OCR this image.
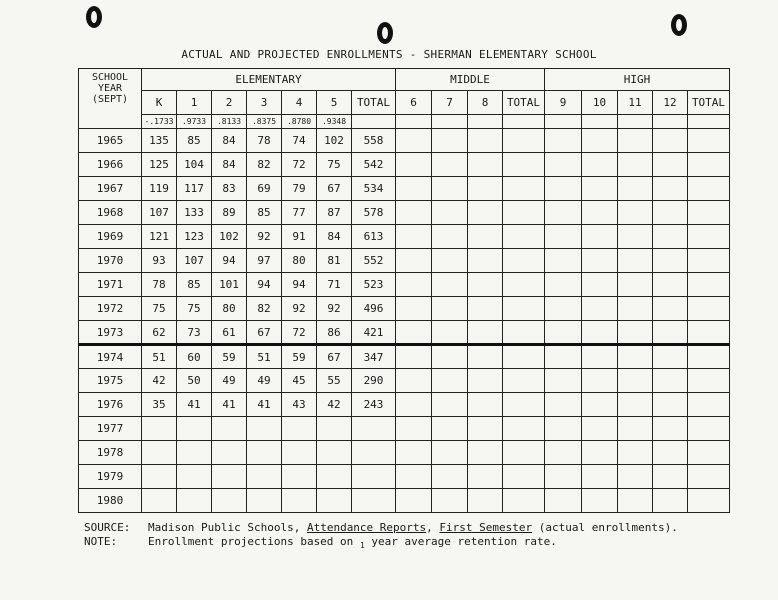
ACTUAL AND PROJECTED ENROLLMENTS - SHERMAN ELEMENTARY SCHOOL
SCHOOL
YEAR
(SEPT)	ELEMENTARY							MIDDLE				HIGH				
	K	1	2	3	4	5	TOTAL	6	7	8	TOTAL	9	10	11	12	TOTAL
	-.1733	.9733	.8133	.8375	.8780	.9348										
1965	135	85	84	78	74	102	558									
1966	125	104	84	82	72	75	542									
1967	119	117	83	69	79	67	534									
1968	107	133	89	85	77	87	578									
1969	121	123	102	92	91	84	613									
1970	93	107	94	97	80	81	552									
1971	78	85	101	94	94	71	523									
1972	75	75	80	82	92	92	496									
1973	62	73	61	67	72	86	421									
1974	51	60	59	51	59	67	347									
1975	42	50	49	49	45	55	290									
1976	35	41	41	41	43	42	243									
1977																
1978																
1979																
1980																
SOURCE: Madison Public Schools, Attendance Reports, First Semester (actual enrollments).
NOTE:	Enrollment projections based on $_1$ year average retention rate.
